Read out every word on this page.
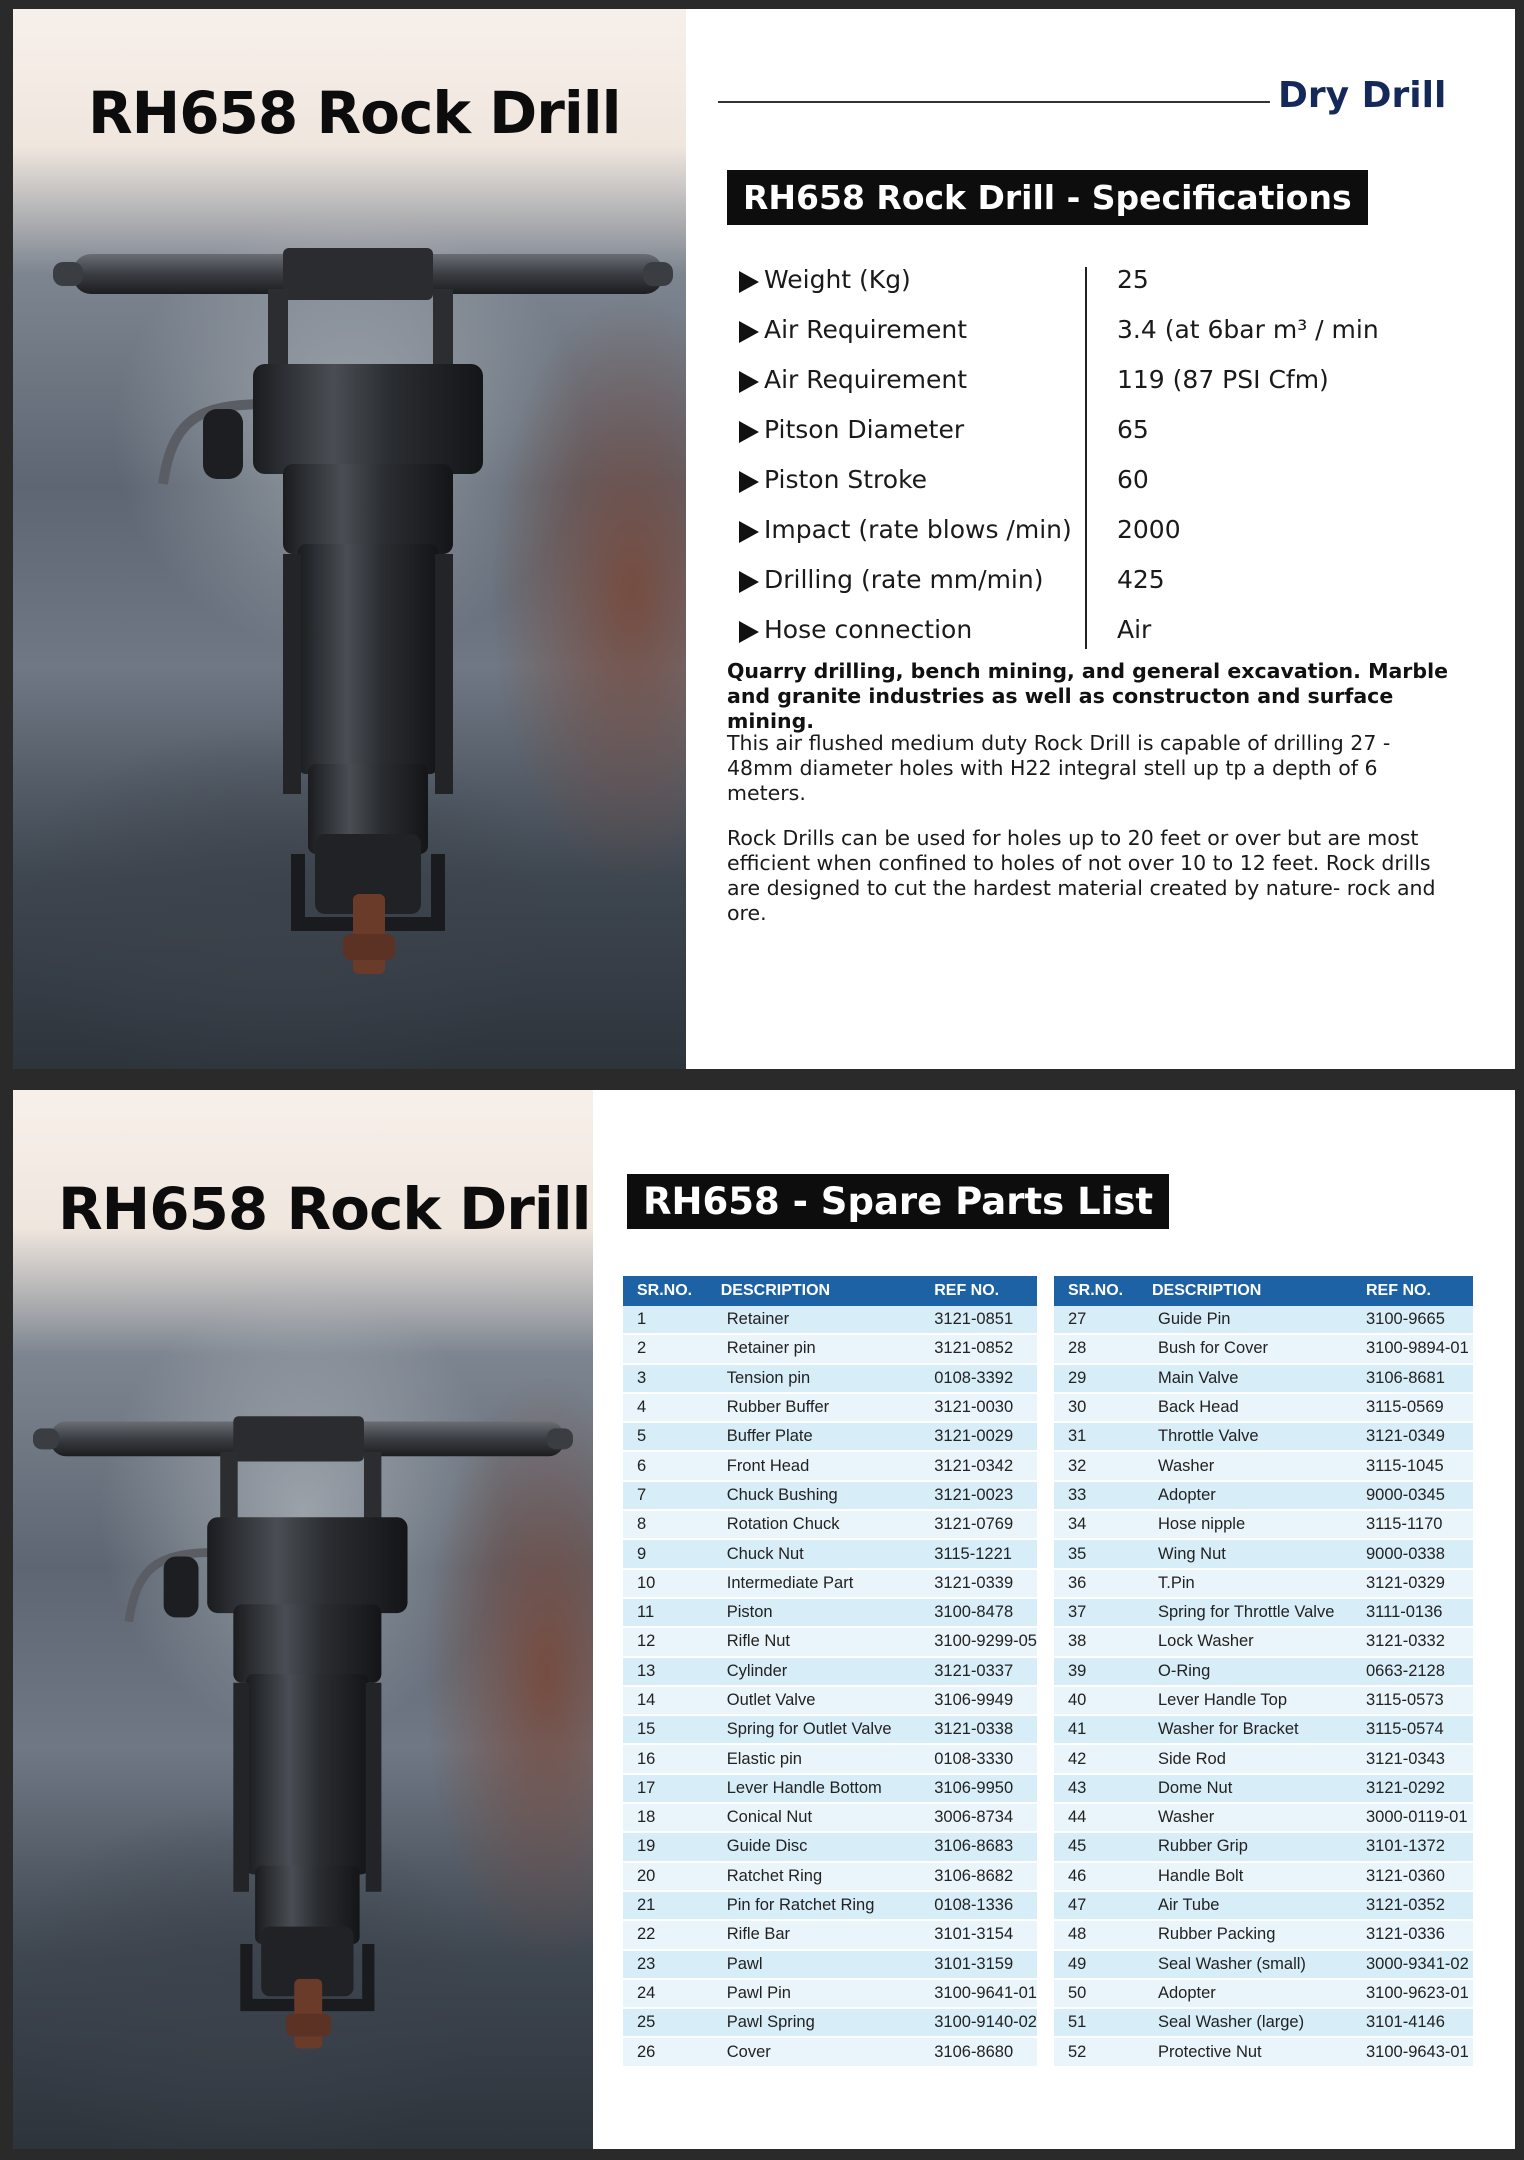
RH658 Rock Drill	Dry Drill
RH658 Rock Drill - Specifications
Weight (Kg)	25
Air Requirement	3.4 (at 6bar m³ / min
Air Requirement	119 (87 PSI Cfm)
Pitson Diameter	65
Piston Stroke	60
Impact (rate blows /min) 2000
Drilling (rate mm/min)	425
Hose connection	Air

Quarry drilling, bench mining, and general excavation. Marble and granite industries as well as constructon and surface mining.

This air flushed medium duty Rock Drill is capable of drilling 27 - 48mm diameter holes with H22 integral stell up tp a depth of 6 meters.

Rock Drills can be used for holes up to 20 feet or over but are most efficient when confined to holes of not over 10 to 12 feet. Rock drills are designed to cut the hardest material created by nature- rock and ore.

RH658 Rock Drill	RH658 - Spare Parts List
SR.NO.	DESCRIPTION	REF NO.
1	Retainer	3121-0851
2	Retainer pin	3121-0852
3	Tension pin	0108-3392
4	Rubber Buffer	3121-0030
5	Buffer Plate	3121-0029
6	Front Head	3121-0342
7	Chuck Bushing	3121-0023
8	Rotation Chuck	3121-0769
9	Chuck Nut	3115-1221
10	Intermediate Part	3121-0339
11	Piston	3100-8478
12	Rifle Nut	3100-9299-05
13	Cylinder	3121-0337
14	Outlet Valve	3106-9949
15	Spring for Outlet Valve	3121-0338
16	Elastic pin	0108-3330
17	Lever Handle Bottom	3106-9950
18	Conical Nut	3006-8734
19	Guide Disc	3106-8683
20	Ratchet Ring	3106-8682
21	Pin for Ratchet Ring	0108-1336
22	Rifle Bar	3101-3154
23	Pawl	3101-3159
24	Pawl Pin	3100-9641-01
25	Pawl Spring	3100-9140-02
26	Cover	3106-8680
SR.NO.	DESCRIPTION	REF NO.
27	Guide Pin	3100-9665
28	Bush for Cover	3100-9894-01
29	Main Valve	3106-8681
30	Back Head	3115-0569
31	Throttle Valve	3121-0349
32	Washer	3115-1045
33	Adopter	9000-0345
34	Hose nipple	3115-1170
35	Wing Nut	9000-0338
36	T.Pin	3121-0329
37	Spring for Throttle Valve	3111-0136
38	Lock Washer	3121-0332
39	O-Ring	0663-2128
40	Lever Handle Top	3115-0573
41	Washer for Bracket	3115-0574
42	Side Rod	3121-0343
43	Dome Nut	3121-0292
44	Washer	3000-0119-01
45	Rubber Grip	3101-1372
46	Handle Bolt	3121-0360
47	Air Tube	3121-0352
48	Rubber Packing	3121-0336
49	Seal Washer (small)	3000-9341-02
50	Adopter	3100-9623-01
51	Seal Washer (large)	3101-4146
52	Protective Nut	3100-9643-01
